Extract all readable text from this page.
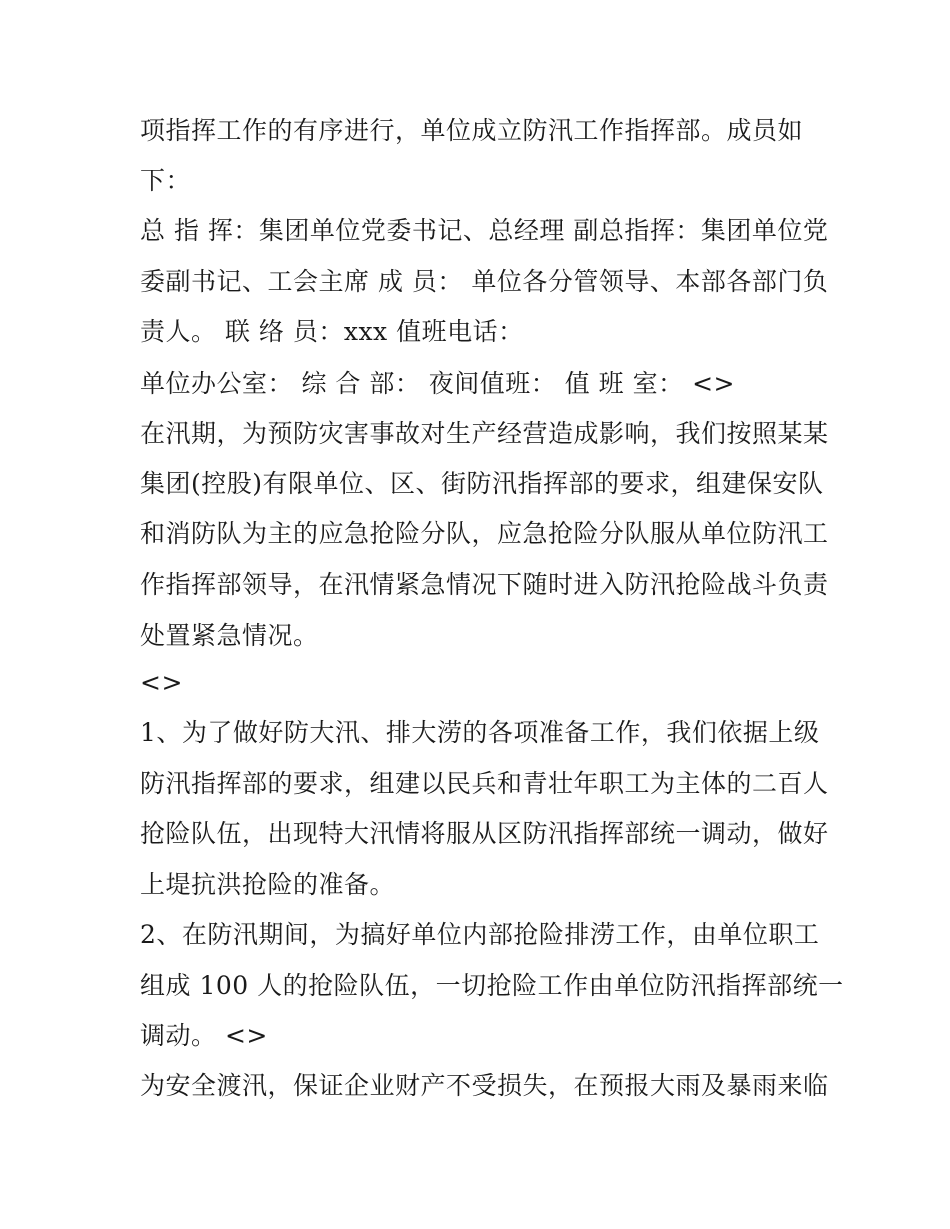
项指挥工作的有序进行，单位成立防汛工作指挥部。成员如
下：
总 指 挥：集团单位党委书记、总经理 副总指挥：集团单位党
委副书记、工会主席 成 员： 单位各分管领导、本部各部门负
责人。 联 络 员：xxx 值班电话：
单位办公室： 综 合 部： 夜间值班： 值 班 室： <>
在汛期，为预防灾害事故对生产经营造成影响，我们按照某某
集团(控股)有限单位、区、街防汛指挥部的要求，组建保安队
和消防队为主的应急抢险分队，应急抢险分队服从单位防汛工
作指挥部领导，在汛情紧急情况下随时进入防汛抢险战斗负责
处置紧急情况。
<>
1、为了做好防大汛、排大涝的各项准备工作，我们依据上级
防汛指挥部的要求，组建以民兵和青壮年职工为主体的二百人
抢险队伍，出现特大汛情将服从区防汛指挥部统一调动，做好
上堤抗洪抢险的准备。
2、在防汛期间，为搞好单位内部抢险排涝工作，由单位职工
组成 100 人的抢险队伍，一切抢险工作由单位防汛指挥部统一
调动。 <>
为安全渡汛，保证企业财产不受损失，在预报大雨及暴雨来临
